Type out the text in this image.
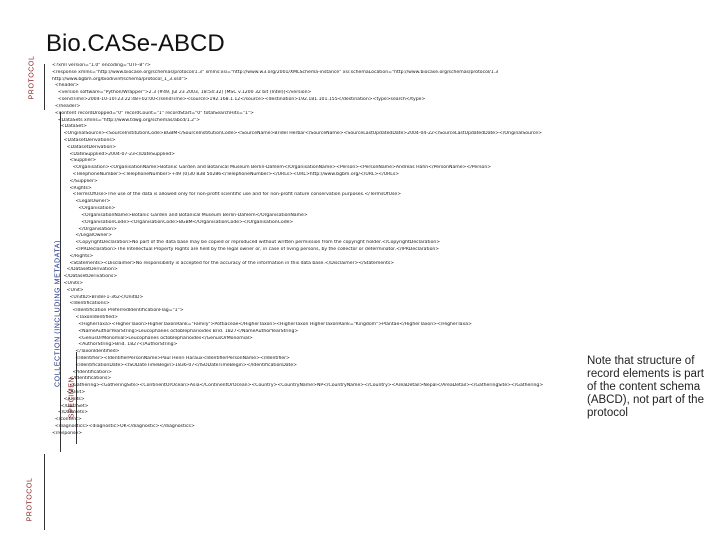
Bio.CASe-ABCD
PROTOCOL
COLLECTION (INCLUDING METADATA)
SPECIMEN
PROTOCOL
<?xml version="1.0" encoding="UTF-8"?>
<response xmlns="http://www.biocase.org/schemas/protocol/1.3" xmlns:xsi="http://www.w3.org/2001/XMLSchema-instance" xsi:schemaLocation="http://www.biocase.org/schemas/protocol/1.3
http://www.bgbm.org/biodivinf/schema/protocol_1_3.xsd">
<header>
<version software="Python/Wrapper">2.3 (#49, Jul 23 2003, 18:54:32) [MSC v.1200 32 bit (Intel)]</version>
<sendTime>2004-10-10T23:22:48+02:00</sendTime><source>192.168.1.12</source><destination>192.181.101.155</destination><type>search</type>
</header>
<content recordDropped="0" recordCount="1" recordStart="0" totalSearchHits="1">
<DataSets xmlns="http://www.tdwg.org/schemas/abcd/1.2">
<DataSet>
<OriginalSource><SourceInstitutionCode>BGBM</SourceInstitutionCode><SourceName>Bridel Herbar</SourceName><SourceLastUpdatedDate>2004-04-22</SourceLastUpdatedDate></OriginalSource>
<DatasetDerivations>
<DatasetDerivation>
<DateSupplied>2004-07-23</DateSupplied>
<Supplier>
<Organisation><OrganisationName>Botanic Garden and Botanical Museum Berlin-Dahlem</OrganisationName><Person><PersonName>Andreas Hahn</PersonName></Person>
<TelephoneNumber><TelephoneNumber>+49 (0)30 838 50286</TelephoneNumber></URLs><URL>http://www.bgbm.org/</URL></URLs>
</Supplier>
<Rights>
<TermsOfUse>The use of the data is allowed only for non-profit scientific use and for non-profit nature conservation purposes.</TermsOfUse>
<LegalOwner>
<Organisation>
<OrganisationName>Botanic Garden and Botanical Museum Berlin-Dahlem</OrganisationName>
<OrganisationCode><OrganisationCode>BGBM</OrganisationCode></OrganisationCode>
</Organisation>
</LegalOwner>
<CopyrightDeclaration>No part of the data base may be copied or reproduced without written permission from the copyright holder.</CopyrightDeclaration>
<IPRDeclaration>The Intellectual Property Rights are held by the legal owner or, in case of living persons, by the collector or determinator.</IPRDeclaration>
</Rights>
<Statements><Disclaimer>No responsibility is accepted for the accuracy of the information in this data base.</Disclaimer></Statements>
</DatasetDerivation>
</DatasetDerivations>
<Units>
<Unit>
<UnitID>Bridel-1-362</UnitID>
<Identifications>
<Identification PreferredIdentificationFlag="1">
<TaxonIdentified>
<HigherTaxa><HigherTaxon>HigherTaxonRank="Family">Pottiaceae</HigherTaxon><HigherTaxon HigherTaxonRank="Kingdom">Plantae</HigherTaxon></HigherTaxa>
<NameAuthorYearString>Leucophanes octoblepharioides Brid. 1827</NameAuthorYearString>
<GenusOrMonomial>Leucophanes octoblepharioides</GenusOrMonomial>
<AuthorString>Brid. 1827</AuthorString>
</TaxonIdentified>
<Identifier><IdentifierPersonName>Paul Henri Haraux<IdentifierPersonName></Identifier>
<IdentificationDate><ISODateTimeBegin>1836-07</ISODateTimeBegin></IdentificationDate>
</Identification>
</Identifications>
<Gathering><GatheringSite><ContinentOrOcean>Asia</ContinentOrOcean><Country><CountryName>NP</CountryName></Country><AreaDetail>Nepal</AreaDetail></GatheringSite></Gathering>
</Unit>
</Units>
</DataSet>
</DataSets>
</content>
<diagnostics><diagnostic>OK</diagnostic></diagnostics>
</response>
Note that structure of record elements is part of the content schema (ABCD), not part of the protocol
